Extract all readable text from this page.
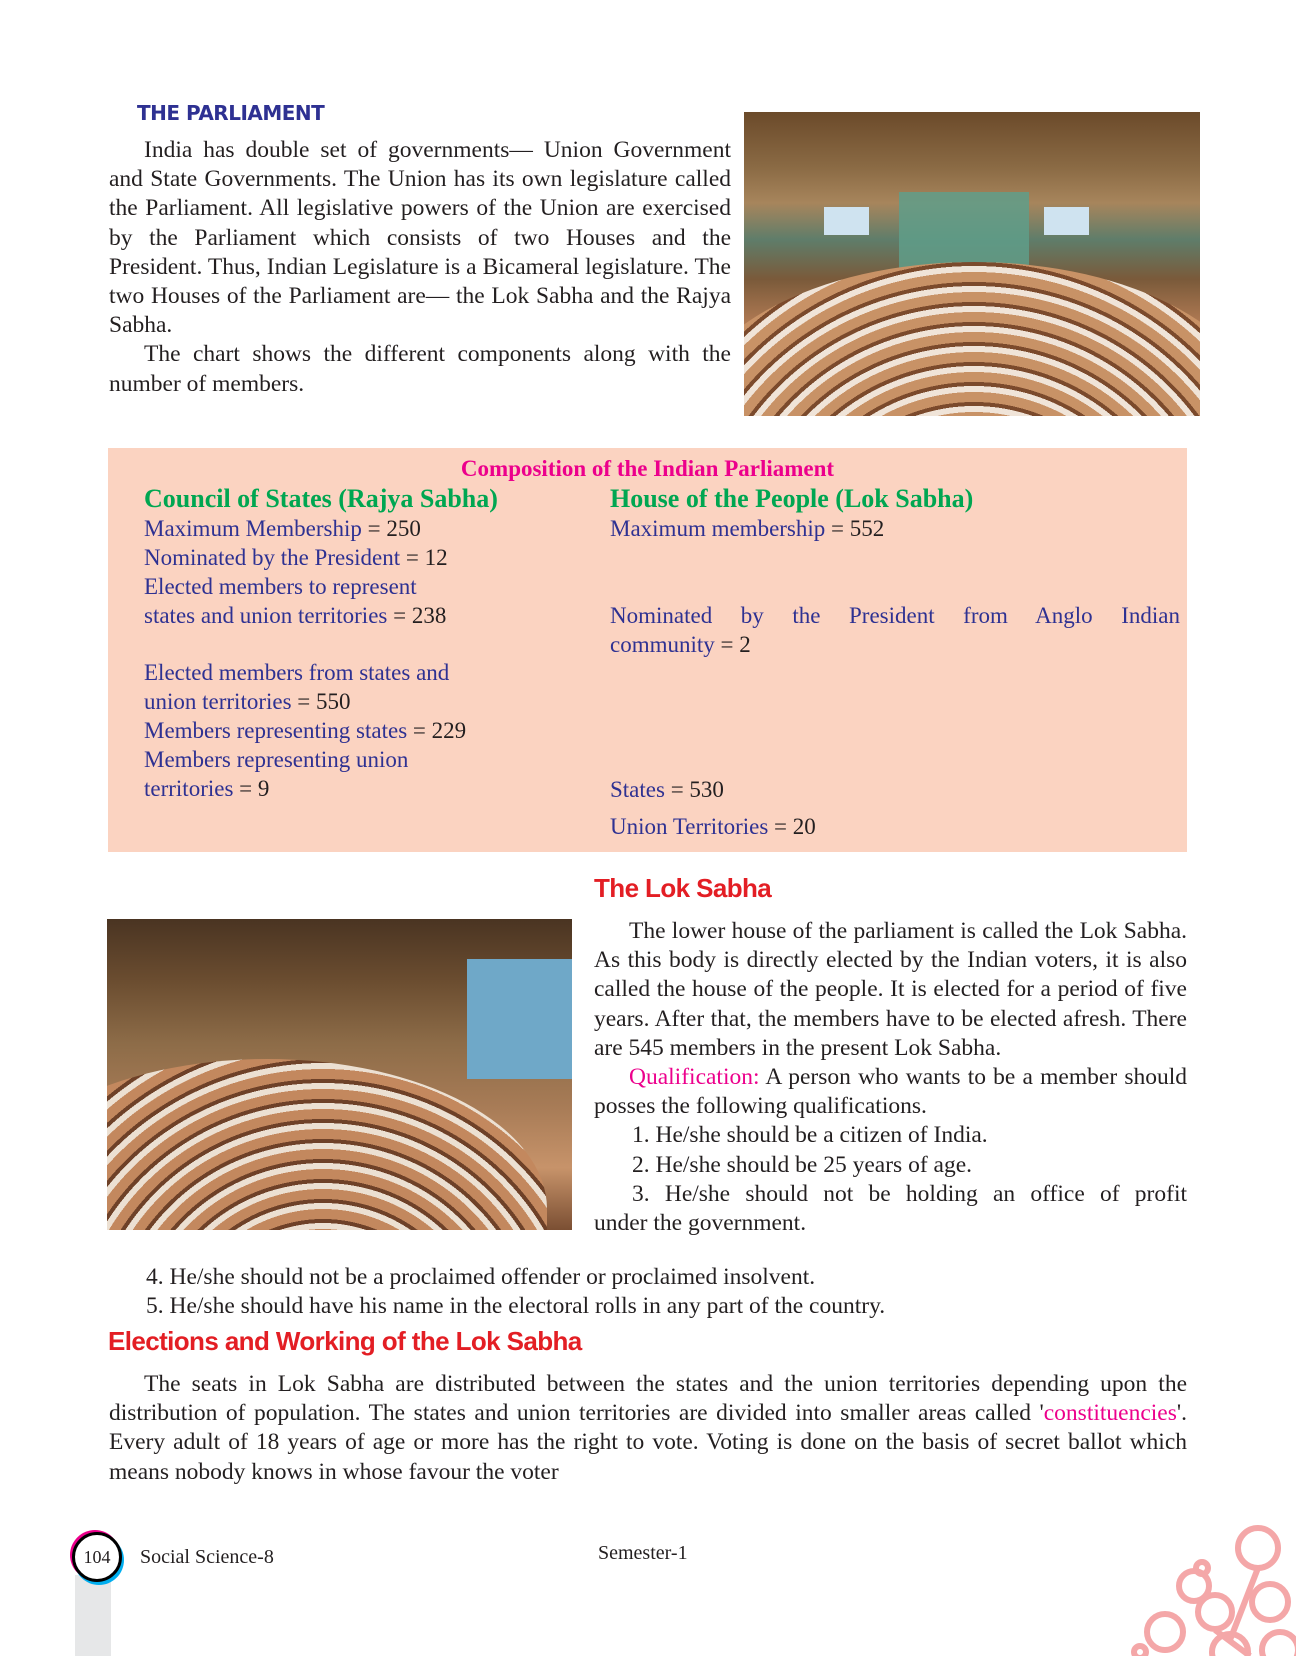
THE PARLIAMENT

India has double set of governments— Union Government and State Governments. The Union has its own legislature called the Parliament. All legislative powers of the Union are exercised by the Parliament which consists of two Houses and the President. Thus, Indian Legislature is a Bicameral legislature. The two Houses of the Parliament are— the Lok Sabha and the Rajya Sabha.

The chart shows the different components along with the number of members.

Composition of the Indian Parliament
Council of States (Rajya Sabha)
Maximum Membership = 250
Nominated by the President = 12
Elected members to represent
states and union territories = 238
Elected members from states and
union territories = 550
Members representing states = 229
Members representing union
territories = 9
House of the People (Lok Sabha)
Maximum membership = 552
Nominated by the President from Anglo Indian
community = 2
States = 530
Union Territories = 20
The Lok Sabha

The lower house of the parliament is called the Lok Sabha. As this body is directly elected by the Indian voters, it is also called the house of the people. It is elected for a period of five years. After that, the members have to be elected afresh. There are 545 members in the present Lok Sabha.

Qualification: A person who wants to be a member should posses the following qualifications.

1. He/she should be a citizen of India.
2. He/she should be 25 years of age.
3. He/she should not be holding an office of profit
under the government.
4. He/she should not be a proclaimed offender or proclaimed insolvent.
5. He/she should have his name in the electoral rolls in any part of the country.
Elections and Working of the Lok Sabha

The seats in Lok Sabha are distributed between the states and the union territories depending upon the distribution of population. The states and union territories are divided into smaller areas called 'constituencies'. Every adult of 18 years of age or more has the right to vote. Voting is done on the basis of secret ballot which means nobody knows in whose favour the voter

104	Social Science-8	Semester-1
